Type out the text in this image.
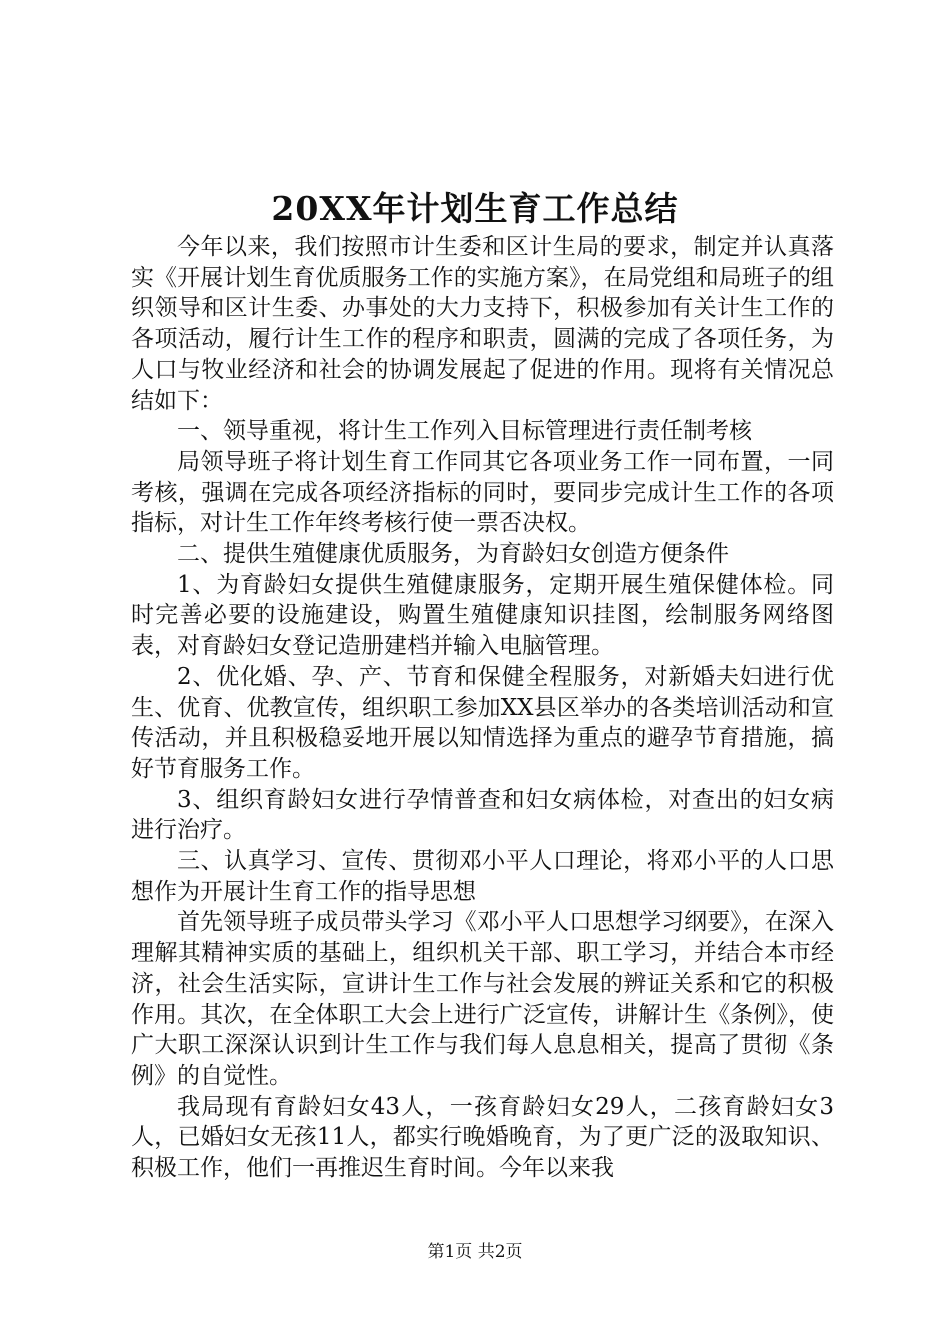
20XX年计划生育工作总结

今年以来，我们按照市计生委和区计生局的要求，制定并认真落实《开展计划生育优质服务工作的实施方案》，在局党组和局班子的组织领导和区计生委、办事处的大力支持下，积极参加有关计生工作的各项活动，履行计生工作的程序和职责，圆满的完成了各项任务，为人口与牧业经济和社会的协调发展起了促进的作用。现将有关情况总结如下：

一、领导重视，将计生工作列入目标管理进行责任制考核

局领导班子将计划生育工作同其它各项业务工作一同布置，一同考核，强调在完成各项经济指标的同时，要同步完成计生工作的各项指标，对计生工作年终考核行使一票否决权。

二、提供生殖健康优质服务，为育龄妇女创造方便条件

1、为育龄妇女提供生殖健康服务，定期开展生殖保健体检。同时完善必要的设施建设，购置生殖健康知识挂图，绘制服务网络图表，对育龄妇女登记造册建档并输入电脑管理。

2、优化婚、孕、产、节育和保健全程服务，对新婚夫妇进行优生、优育、优教宣传，组织职工参加XX县区举办的各类培训活动和宣传活动，并且积极稳妥地开展以知情选择为重点的避孕节育措施，搞好节育服务工作。

3、组织育龄妇女进行孕情普查和妇女病体检，对查出的妇女病进行治疗。

三、认真学习、宣传、贯彻邓小平人口理论，将邓小平的人口思想作为开展计生育工作的指导思想

首先领导班子成员带头学习《邓小平人口思想学习纲要》，在深入理解其精神实质的基础上，组织机关干部、职工学习，并结合本市经济，社会生活实际，宣讲计生工作与社会发展的辨证关系和它的积极作用。其次，在全体职工大会上进行广泛宣传，讲解计生《条例》，使广大职工深深认识到计生工作与我们每人息息相关，提高了贯彻《条例》的自觉性。

我局现有育龄妇女43人，一孩育龄妇女29人，二孩育龄妇女3人，已婚妇女无孩11人，都实行晚婚晚育，为了更广泛的汲取知识、积极工作，他们一再推迟生育时间。今年以来我

第1页 共2页
